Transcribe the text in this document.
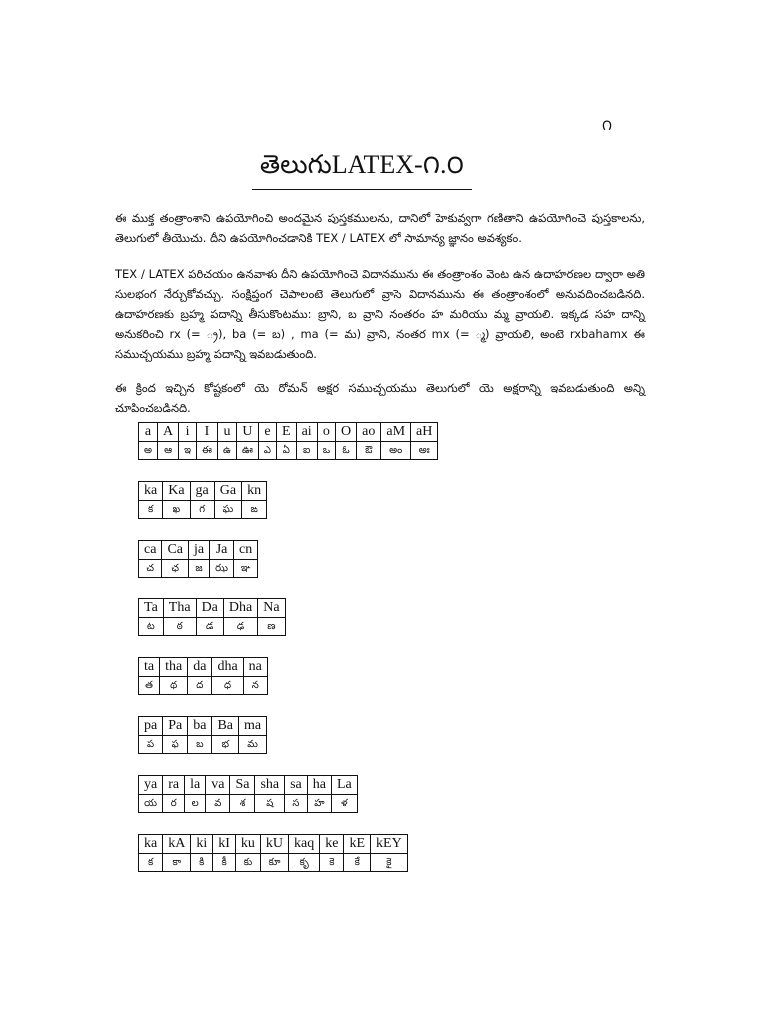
౧
తెలుగుLATEX-౧.౦

ఈ ముక్త తంత్రాంశాని ఉపయోగించి అందమైన పుస్తకములను, దానిలో హెకువ్వగా గణితాని ఉపయోగించె పుస్తకాలను, తెలుగులో తీయొచు. దీని ఉపయోగించడానికి TEX / LATEX లో సామాన్య జ్ఞానం అవశ్యకం.

TEX / LATEX పరిచయం ఉనవాళు దీని ఉపయోగించె విదానమును ఈ తంత్రాంశం వెంట ఉన ఉదాహరణల ద్వారా అతి సులభంగ నేర్చుకోవచ్చు. సంక్షిప్తంగ చెపాలంటె తెలుగులో వ్రాసె విదానమును ఈ తంత్రాంశంలో అనువదించబడినది. ఉదాహరణకు బ్రహ్మ పదాన్ని తీసుకొంటము: బ్రాని, బ వ్రాని నంతరం హ మరియు మ్మ వ్రాయలి. ఇక్కడ సహ దాన్ని అనుకరించి rx (= ్ర), ba (= బ) , ma (= మ) వ్రాని, నంతర mx (= ్మ) వ్రాయలి, అంటె rxbahamx ఈ సముచ్చయము బ్రహ్మ పదాన్ని ఇవబడుతుంది.

ఈ క్రింద ఇచ్చిన కోష్టకంలో యె రోమన్ అక్షర సముచ్చయము తెలుగులో యె అక్షరాన్ని ఇవబడుతుంది అన్ని చూపించబడినది.

a	A	i	I	u	U	e	E	ai	o	O	ao	aM	aH
అ	ఆ	ఇ	ఈ	ఉ	ఊ	ఎ	ఏ	ఐ	ఒ	ఓ	ఔ	అం	అః
ka	Ka	ga	Ga	kn
క	ఖ	గ	ఘ	ఙ
ca	Ca	ja	Ja	cn
చ	ఛ	జ	ఝ	ఞ
Ta	Tha	Da	Dha	Na
ట	ఠ	డ	ఢ	ణ
ta	tha	da	dha	na
త	థ	ద	ధ	న
pa	Pa	ba	Ba	ma
ప	ఫ	బ	భ	మ
ya	ra	la	va	Sa	sha	sa	ha	La
య	ర	ల	వ	శ	ష	స	హ	ళ
ka	kA	ki	kI	ku	kU	kaq	ke	kE	kEY
క	కా	కి	కీ	కు	కూ	కృ	కె	కే	కై
